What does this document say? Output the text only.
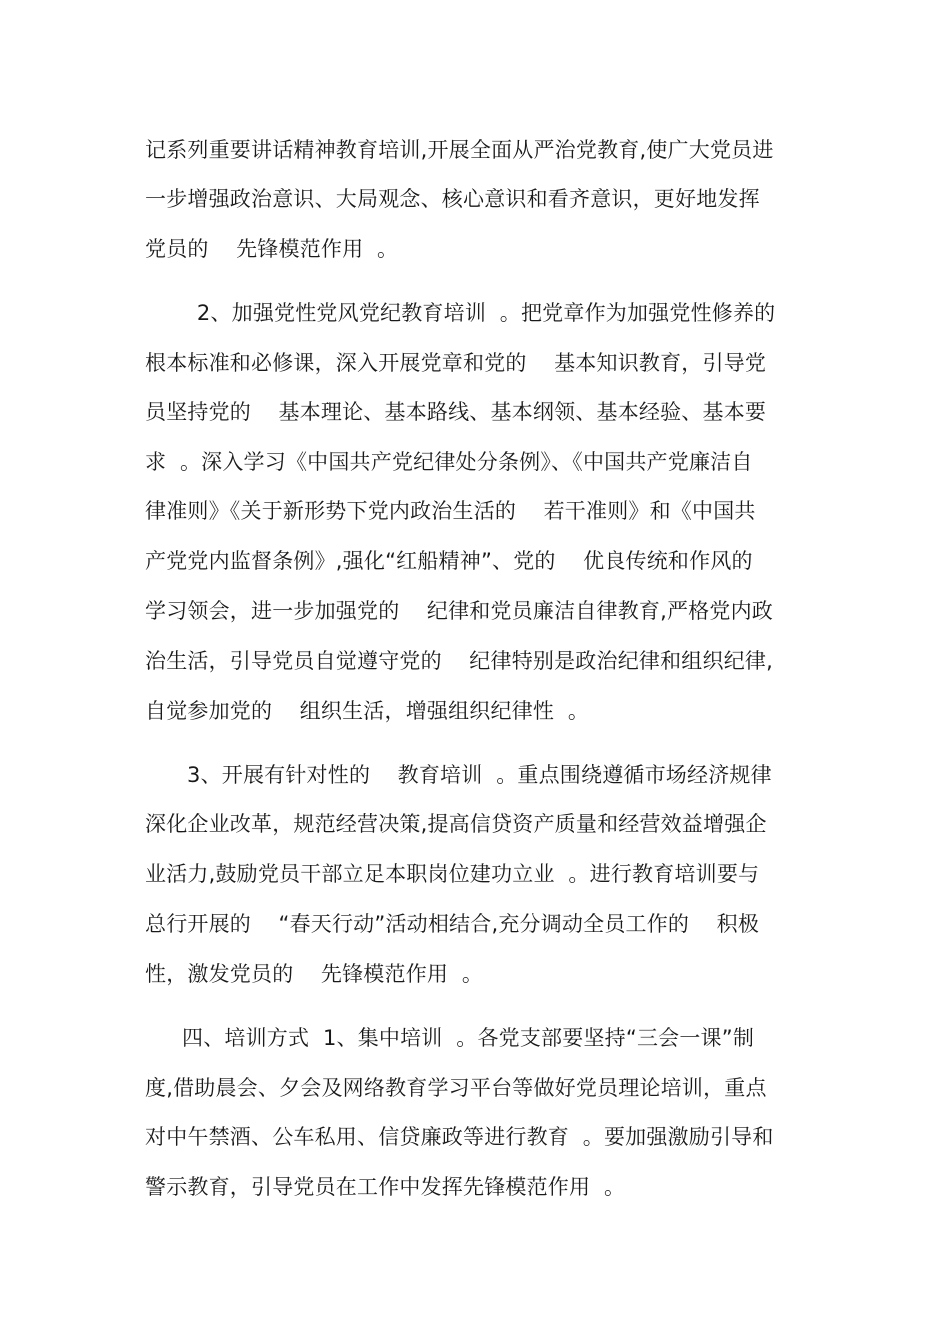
记系列重要讲话精神教育培训,开展全面从严治党教育,使广大党员进
一步增强政治意识、大局观念、核心意识和看齐意识，更好地发挥
党员的    先锋模范作用  。
2、加强党性党风党纪教育培训  。把党章作为加强党性修养的
根本标准和必修课，深入开展党章和党的    基本知识教育，引导党
员坚持党的    基本理论、基本路线、基本纲领、基本经验、基本要
求  。深入学习《中国共产党纪律处分条例》、《中国共产党廉洁自
律准则》《关于新形势下党内政治生活的    若干准则》和《中国共
产党党内监督条例》,强化“红船精神”、党的    优良传统和作风的
学习领会，进一步加强党的    纪律和党员廉洁自律教育,严格党内政
治生活，引导党员自觉遵守党的    纪律特别是政治纪律和组织纪律,
自觉参加党的    组织生活，增强组织纪律性  。
3、开展有针对性的    教育培训  。重点围绕遵循市场经济规律
深化企业改革，规范经营决策,提高信贷资产质量和经营效益增强企
业活力,鼓励党员干部立足本职岗位建功立业  。进行教育培训要与
总行开展的    “春天行动”活动相结合,充分调动全员工作的    积极
性，激发党员的    先锋模范作用  。
四、培训方式  1、集中培训  。各党支部要坚持“三会一课”制
度,借助晨会、夕会及网络教育学习平台等做好党员理论培训，重点
对中午禁酒、公车私用、信贷廉政等进行教育  。要加强激励引导和
警示教育，引导党员在工作中发挥先锋模范作用  。
